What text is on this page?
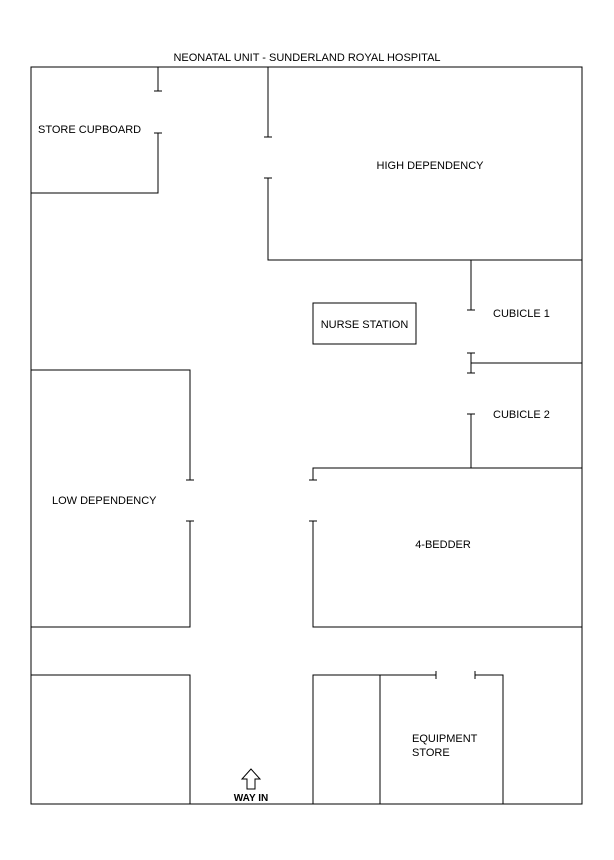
NEONATAL UNIT - SUNDERLAND ROYAL HOSPITAL
STORE CUPBOARD
HIGH DEPENDENCY
NURSE STATION
CUBICLE 1
CUBICLE 2
LOW DEPENDENCY
4-BEDDER
EQUIPMENT
STORE
WAY IN
